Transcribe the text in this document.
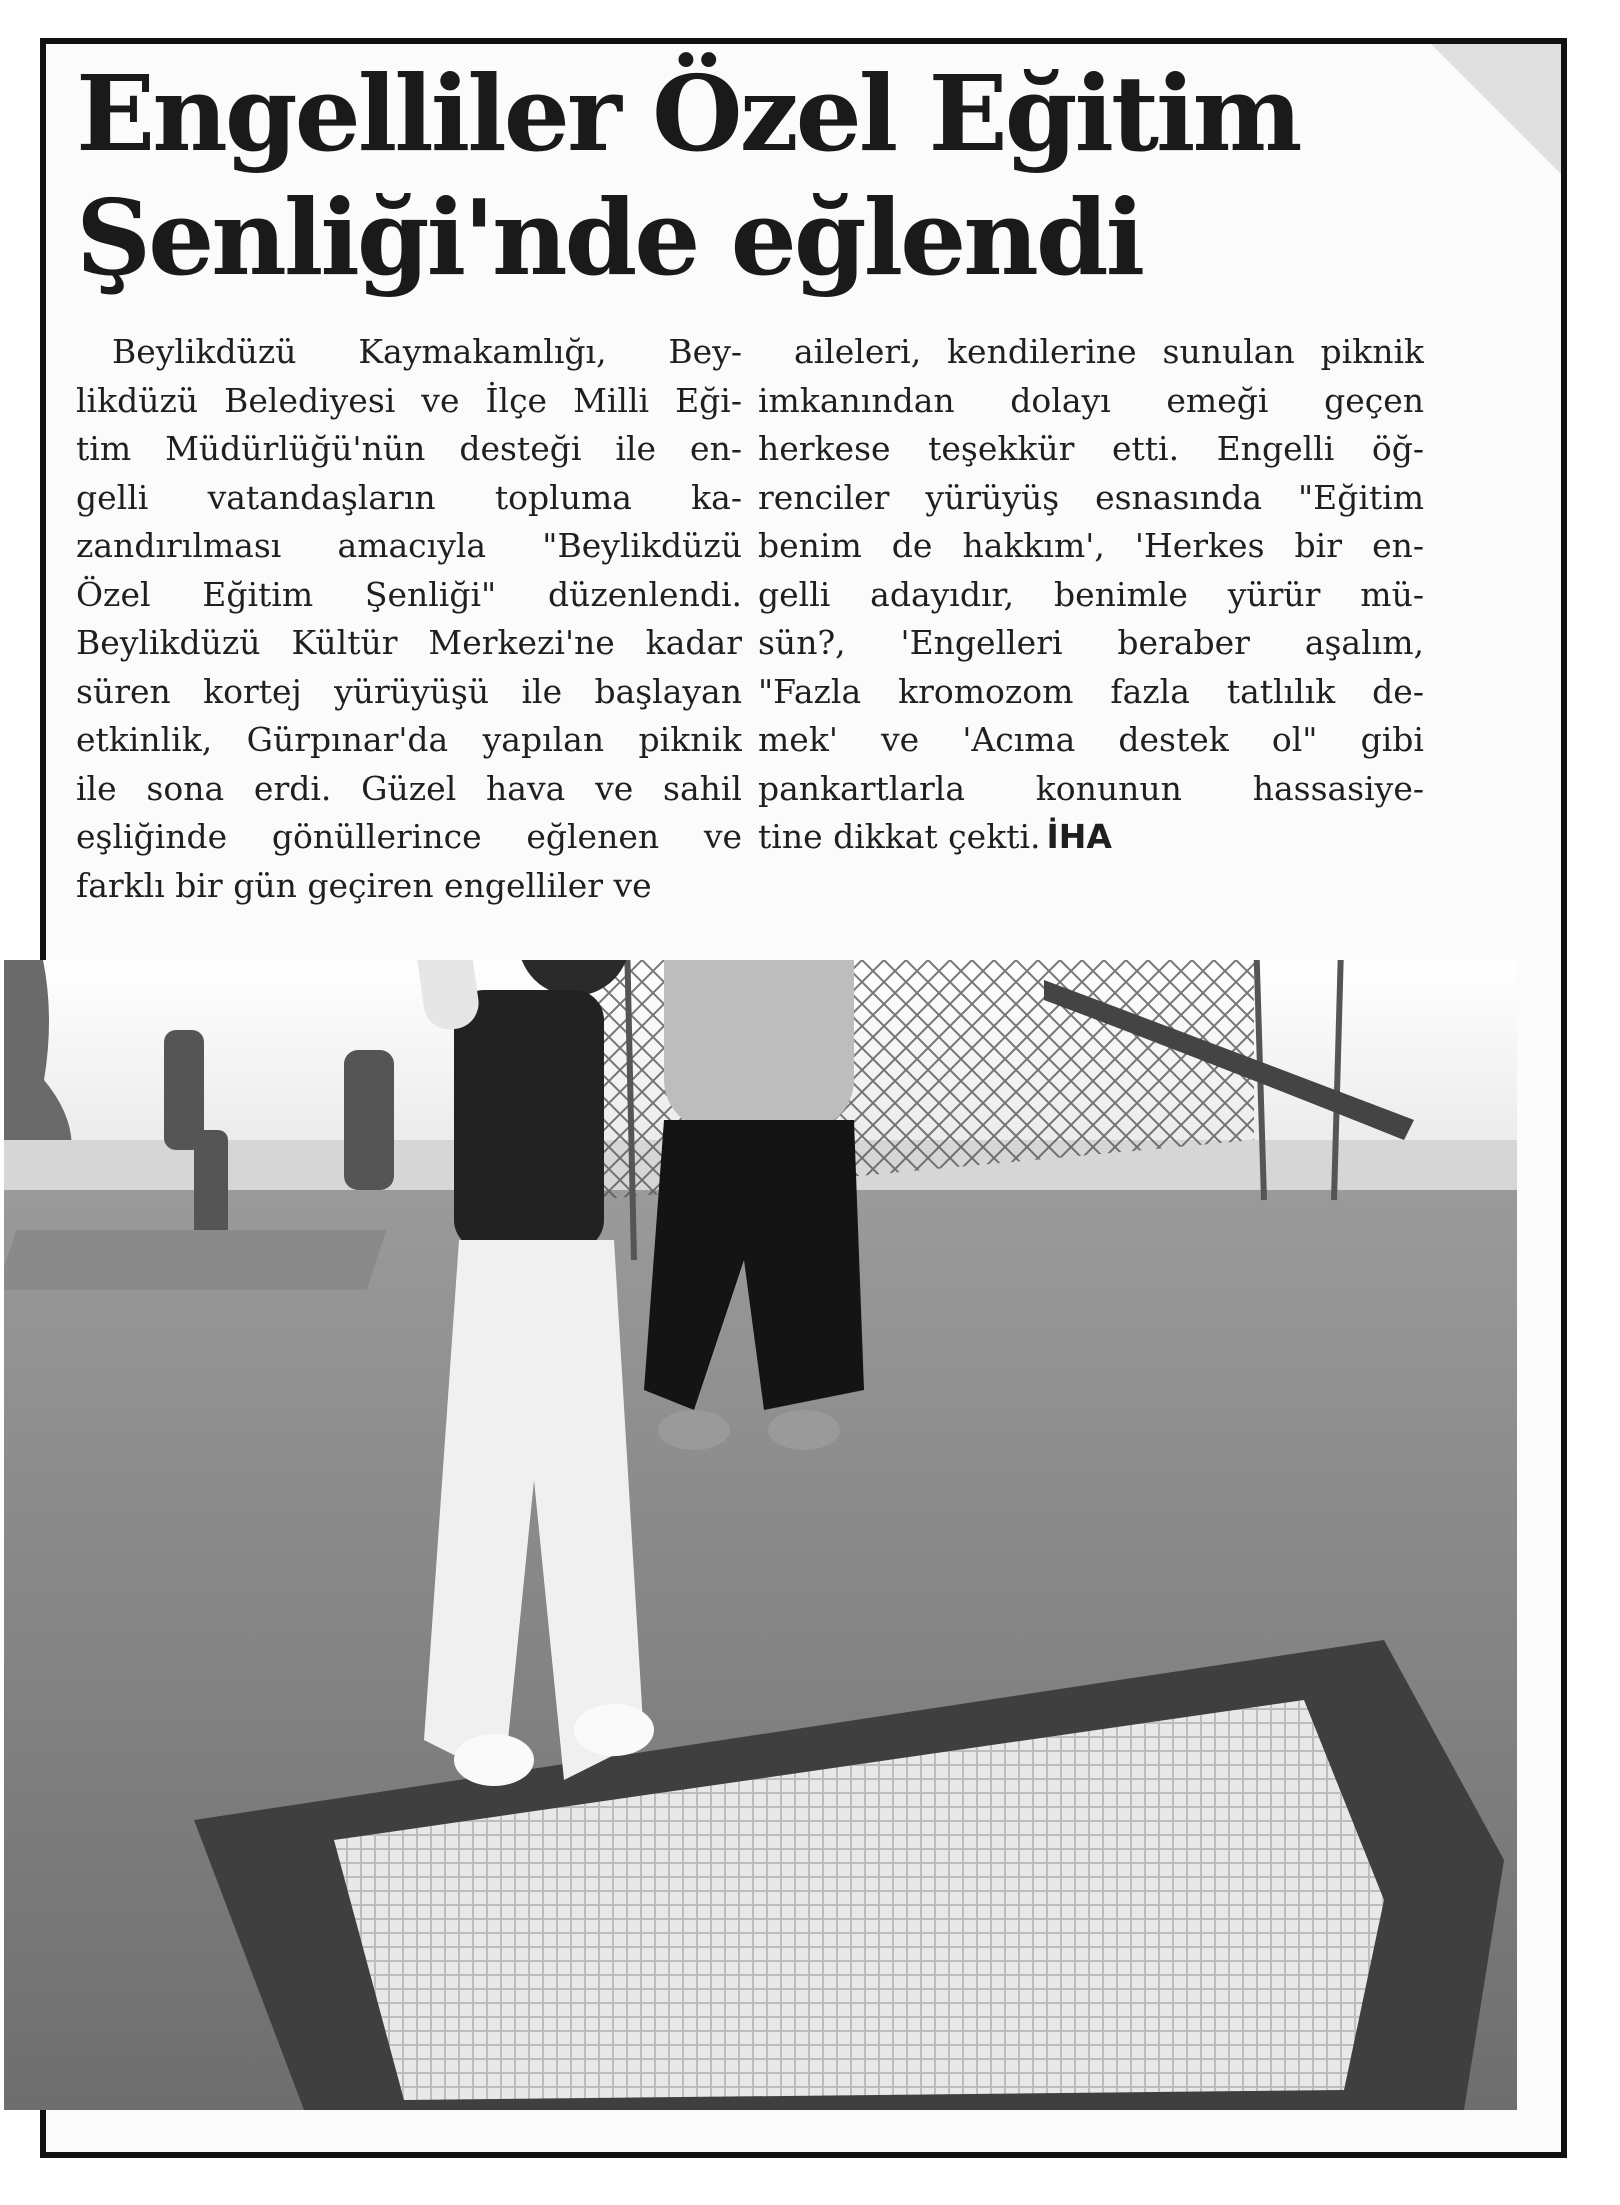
Engelliler Özel Eğitim
Şenliği'nde eğlendi
Beylikdüzü Kaymakamlığı, Bey-
likdüzü Belediyesi ve İlçe Milli Eği-
tim Müdürlüğü'nün desteği ile en-
gelli vatandaşların topluma ka-
zandırılması amacıyla "Beylikdüzü
Özel Eğitim Şenliği" düzenlendi.
Beylikdüzü Kültür Merkezi'ne kadar
süren kortej yürüyüşü ile başlayan
etkinlik, Gürpınar'da yapılan piknik
ile sona erdi. Güzel hava ve sahil
eşliğinde gönüllerince eğlenen ve
farklı bir gün geçiren engelliler ve
aileleri, kendilerine sunulan piknik
imkanından dolayı emeği geçen
herkese teşekkür etti. Engelli öğ-
renciler yürüyüş esnasında "Eğitim
benim de hakkım', 'Herkes bir en-
gelli adayıdır, benimle yürür mü-
sün?, 'Engelleri beraber aşalım,
"Fazla kromozom fazla tatlılık de-
mek' ve 'Acıma destek ol" gibi
pankartlarla konunun hassasiye-
tine dikkat çekti. İHA
